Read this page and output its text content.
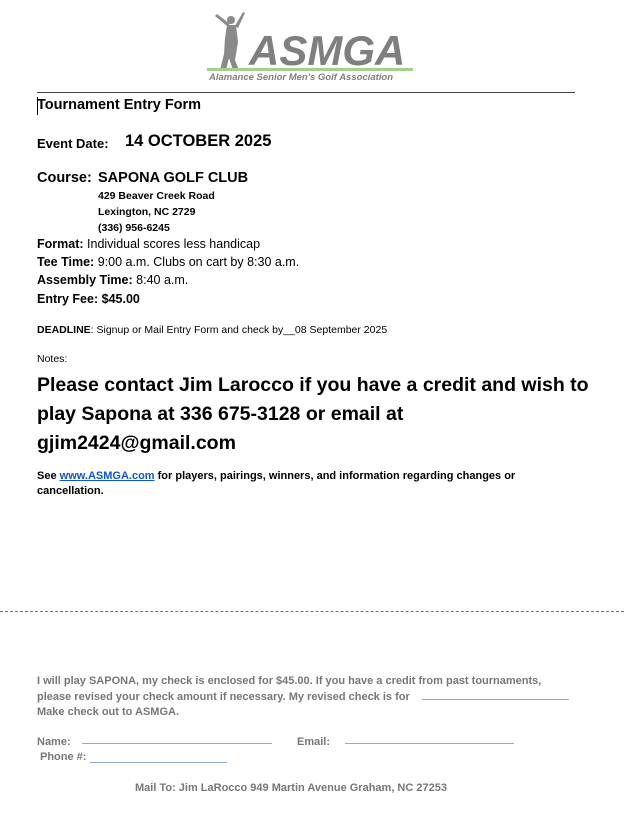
ASMGA
Alamance Senior Men's Golf Association
Tournament Entry Form
Event Date: 14 OCTOBER 2025
Course: SAPONA GOLF CLUB
429 Beaver Creek Road
Lexington, NC 2729
(336) 956-6245
Format: Individual scores less handicap
Tee Time: 9:00 a.m. Clubs on cart by 8:30 a.m.
Assembly Time: 8:40 a.m.
Entry Fee: $45.00
DEADLINE: Signup or Mail Entry Form and check by__08 September 2025
Notes:
Please contact Jim Larocco if you have a credit and wish to play Sapona at 336 675-3128 or email at gjim2424@gmail.com
See www.ASMGA.com for players, pairings, winners, and information regarding changes or cancellation.
I will play SAPONA, my check is enclosed for $45.00. If you have a credit from past tournaments, please revised your check amount if necessary. My revised check is for
Make check out to ASMGA.
Name:	Email:
Phone #:
Mail To: Jim LaRocco 949 Martin Avenue Graham, NC 27253
